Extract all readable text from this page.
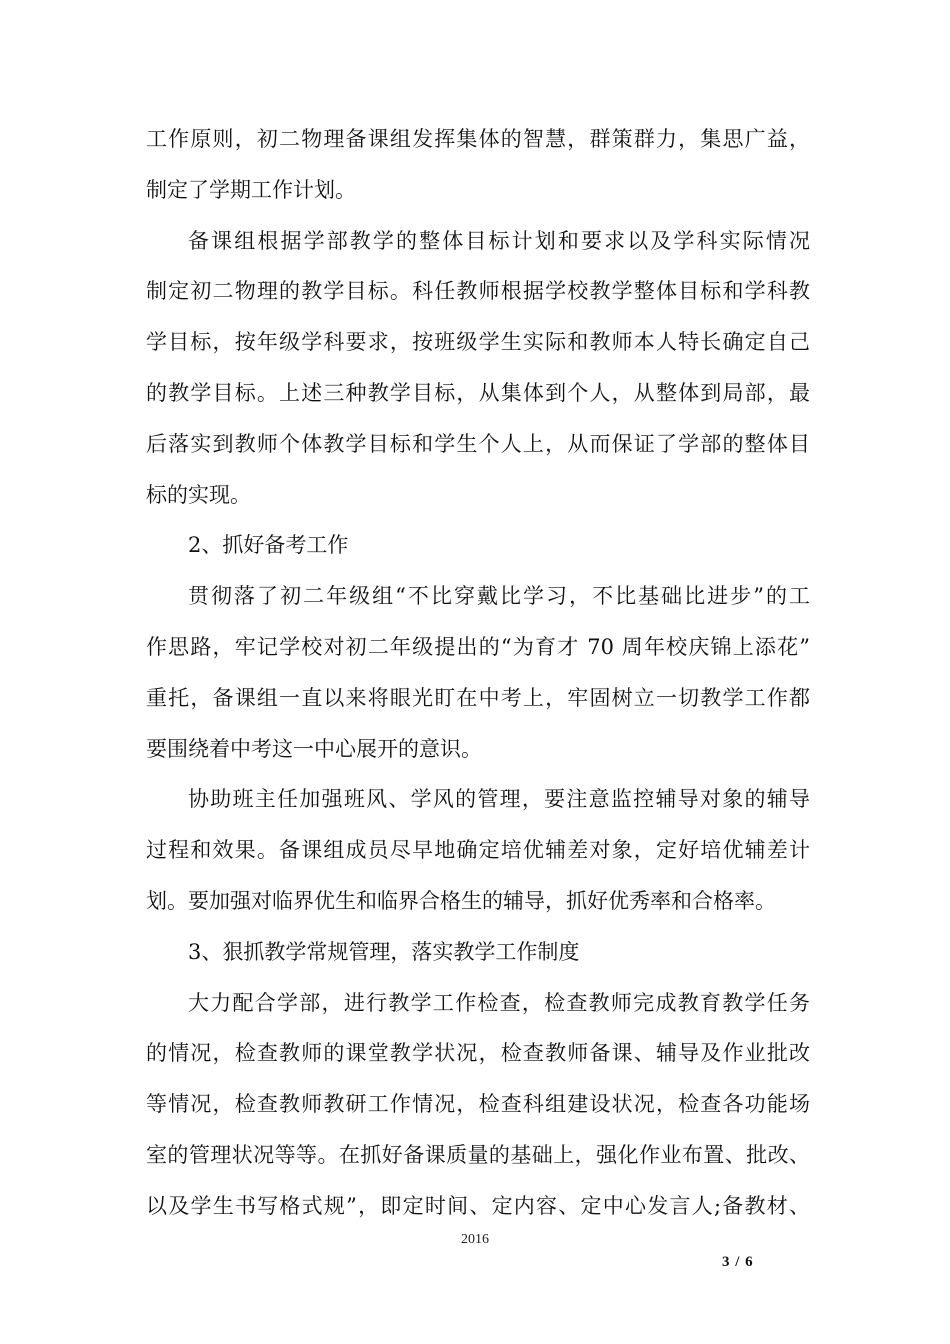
工作原则，初二物理备课组发挥集体的智慧，群策群力，集思广益，
制定了学期工作计划。
备课组根据学部教学的整体目标计划和要求以及学科实际情况
制定初二物理的教学目标。科任教师根据学校教学整体目标和学科教
学目标，按年级学科要求，按班级学生实际和教师本人特长确定自己
的教学目标。上述三种教学目标，从集体到个人，从整体到局部，最
后落实到教师个体教学目标和学生个人上，从而保证了学部的整体目
标的实现。
2、抓好备考工作
贯彻落了初二年级组“不比穿戴比学习，不比基础比进步”的工
作思路，牢记学校对初二年级提出的“为育才 70 周年校庆锦上添花”
重托，备课组一直以来将眼光盯在中考上，牢固树立一切教学工作都
要围绕着中考这一中心展开的意识。
协助班主任加强班风、学风的管理，要注意监控辅导对象的辅导
过程和效果。备课组成员尽早地确定培优辅差对象，定好培优辅差计
划。要加强对临界优生和临界合格生的辅导，抓好优秀率和合格率。
3、狠抓教学常规管理，落实教学工作制度
大力配合学部，进行教学工作检查，检查教师完成教育教学任务
的情况，检查教师的课堂教学状况，检查教师备课、辅导及作业批改
等情况，检查教师教研工作情况，检查科组建设状况，检查各功能场
室的管理状况等等。在抓好备课质量的基础上，强化作业布置、批改、
以及学生书写格式规”，即定时间、定内容、定中心发言人;备教材、
2016
3 / 6
